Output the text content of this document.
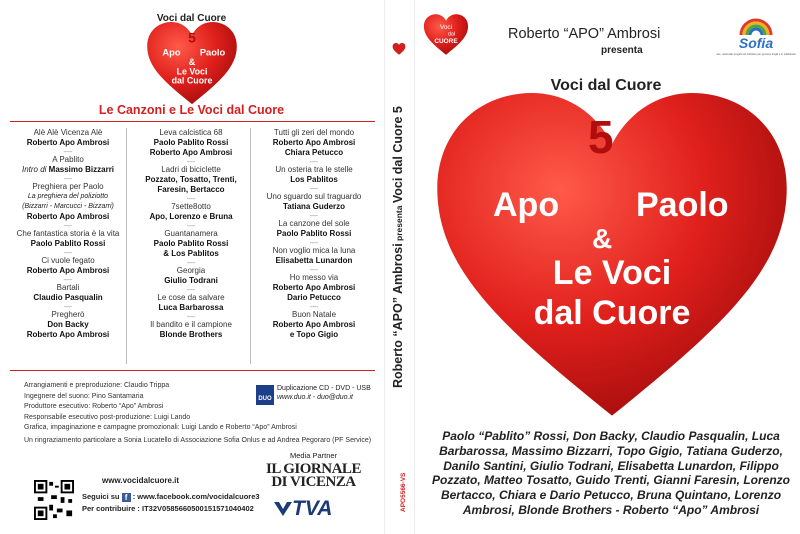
Voci dal Cuore
5
Apo Paolo
&
Le Voci
dal Cuore
Le Canzoni e Le Voci dal Cuore
Alè Alè Vicenza Alè
Roberto Apo Ambrosi
—
A Pablito
Intro di Massimo Bizzarri
—
Preghiera per Paolo
La preghiera del poliziotto
(Bizzarri - Marcucci - Bizzarri)
Roberto Apo Ambrosi
—
Che fantastica storia è la vita
Paolo Pablito Rossi
—
Ci vuole fegato
Roberto Apo Ambrosi
—
Bartali
Claudio Pasqualin
—
Pregherò
Don Backy
Roberto Apo Ambrosi
Leva calcistica 68
Paolo Pablito Rossi
Roberto Apo Ambrosi
—
Ladri di biciclette
Pozzato, Tosatto, Trenti,
Faresin, Bertacco
—
7sette8otto
Apo, Lorenzo e Bruna
—
Guantanamera
Paolo Pablito Rossi
& Los Pablitos
—
Georgia
Giulio Todrani
—
Le cose da salvare
Luca Barbarossa
—
Il bandito e il campione
Blonde Brothers
Tutti gli zeri del mondo
Roberto Apo Ambrosi
Chiara Petucco
—
Un osteria tra le stelle
Los Pablitos
—
Uno sguardo sul traguardo
Tatiana Guderzo
—
La canzone del sole
Paolo Pablito Rossi
—
Non voglio mica la luna
Elisabetta Lunardon
—
Ho messo via
Roberto Apo Ambrosi
Dario Petucco
—
Buon Natale
Roberto Apo Ambrosi
e Topo Gigio
Arrangiamenti e preproduzione: Claudio Trippa
Ingegnere del suono: Pino Santamaria
Produttore esecutivo: Roberto “Apo” Ambrosi
Responsabile esecutivo post-produzione: Luigi Lando
Grafica, impaginazione e campagne promozionali: Luigi Lando e Roberto “Apo” Ambrosi
DUO
Duplicazione CD - DVD - USB
www.duo.it - duo@duo.it
Un ringraziamento particolare a Sonia Lucatello di Associazione Sofia Onlus e ad Andrea Pegoraro (PF Service)
www.vocidalcuore.it
Seguici su f : www.facebook.com/vocidalcuore3
Per contribuire : IT32V0585660500151571040402
Media Partner
IL GIORNALE
DI VICENZA
TVA
Roberto “APO” Ambrosi presenta Voci dal Cuore 5
APO5566-VS
Voci
dal
CUORE	Roberto “APO” Ambrosi
presenta
Voci dal Cuore
Sofia
ass. nazionale progetti ed iniziative per persone fragili e in solidarietà
5
Apo Paolo
&
Le Voci
dal Cuore
Paolo “Pablito” Rossi, Don Backy, Claudio Pasqualin, Luca Barbarossa, Massimo Bizzarri, Topo Gigio, Tatiana Guderzo, Danilo Santini, Giulio Todrani, Elisabetta Lunardon, Filippo Pozzato, Matteo Tosatto, Guido Trenti, Gianni Faresin, Lorenzo Bertacco, Chiara e Dario Petucco, Bruna Quintano, Lorenzo Ambrosi, Blonde Brothers - Roberto “Apo” Ambrosi
